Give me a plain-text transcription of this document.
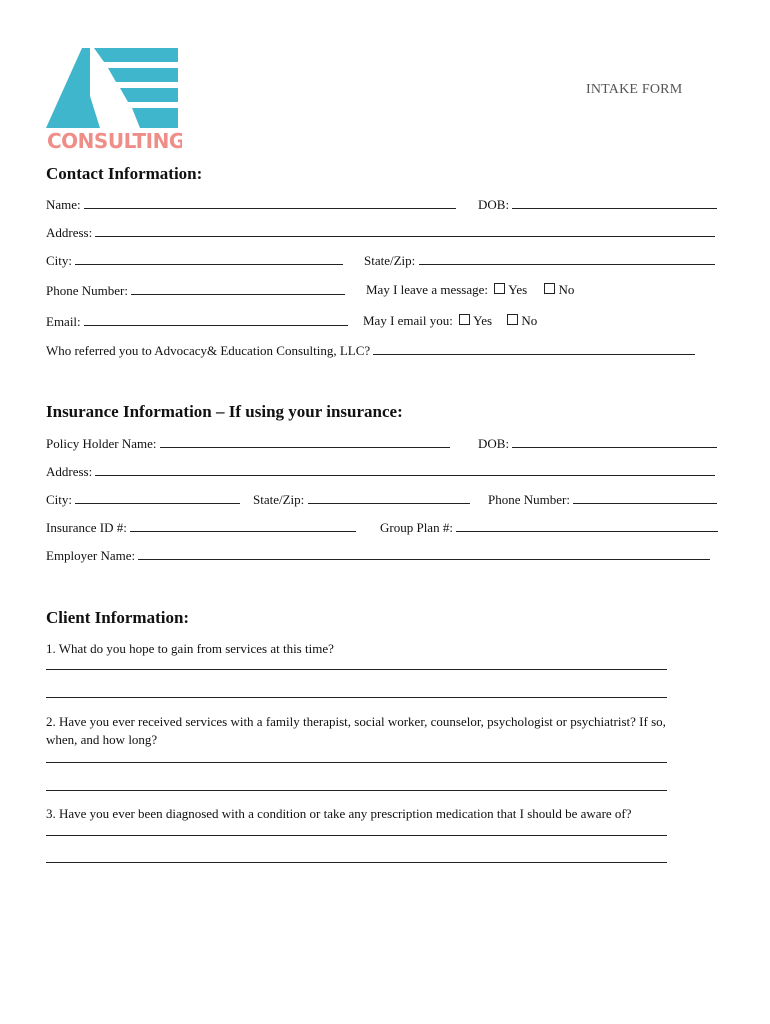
CONSULTING
INTAKE FORM
Contact Information:
Name:	DOB:
Address:
City:	State/Zip:
Phone Number:	May I leave a message: Yes No
Email:	May I email you: Yes No
Who referred you to Advocacy& Education Consulting, LLC?
Insurance Information – If using your insurance:
Policy Holder Name:	DOB:
Address:
City:	State/Zip:	Phone Number:
Insurance ID #:	Group Plan #:
Employer Name:
Client Information:
1. What do you hope to gain from services at this time?
2. Have you ever received services with a family therapist, social worker, counselor, psychologist or psychiatrist? If so,
when, and how long?
3. Have you ever been diagnosed with a condition or take any prescription medication that I should be aware of?
